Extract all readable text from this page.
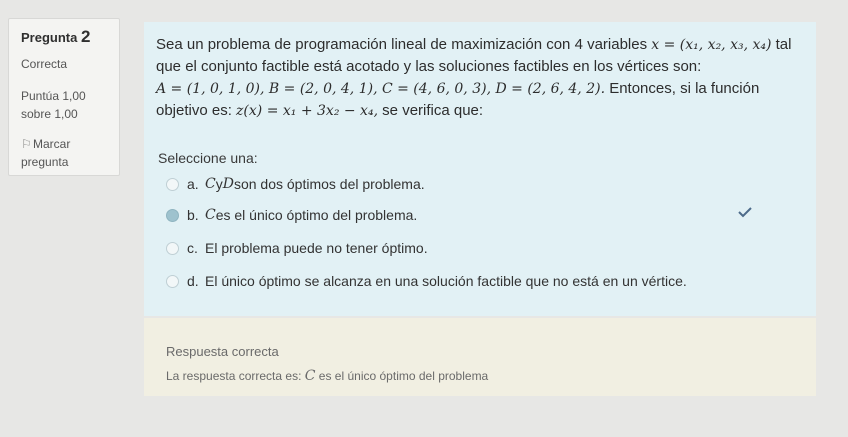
Pregunta 2
Correcta
Puntúa 1,00
sobre 1,00
⚐Marcar
pregunta
Sea un problema de programación lineal de maximización con 4 variables x = (x₁, x₂, x₃, x₄) tal
que el conjunto factible está acotado y las soluciones factibles en los vértices son:
A = (1, 0, 1, 0), B = (2, 0, 4, 1), C = (4, 6, 0, 3), D = (2, 6, 4, 2). Entonces, si la función
objetivo es: z(x) = x₁ + 3x₂ − x₄, se verifica que:
Seleccione una:
a. C y D son dos óptimos del problema.
b. C es el único óptimo del problema.
c. El problema puede no tener óptimo.
d. El único óptimo se alcanza en una solución factible que no está en un vértice.
Respuesta correcta
La respuesta correcta es: C es el único óptimo del problema
